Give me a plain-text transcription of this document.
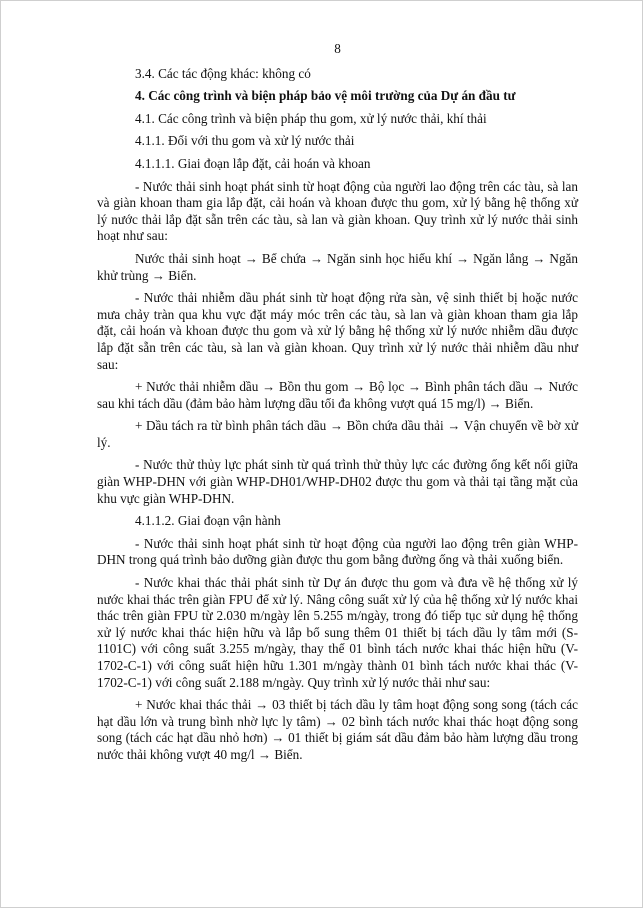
8

3.4. Các tác động khác: không có

4. Các công trình và biện pháp bảo vệ môi trường của Dự án đầu tư

4.1. Các công trình và biện pháp thu gom, xử lý nước thải, khí thải

4.1.1. Đối với thu gom và xử lý nước thải

4.1.1.1. Giai đoạn lắp đặt, cải hoán và khoan

- Nước thải sinh hoạt phát sinh từ hoạt động của người lao động trên các tàu, sà lan và giàn khoan tham gia lắp đặt, cải hoán và khoan được thu gom, xử lý bằng hệ thống xử lý nước thải lắp đặt sẵn trên các tàu, sà lan và giàn khoan. Quy trình xử lý nước thải sinh hoạt như sau:

Nước thải sinh hoạt → Bể chứa → Ngăn sinh học hiếu khí → Ngăn lắng → Ngăn khử trùng → Biển.

- Nước thải nhiễm dầu phát sinh từ hoạt động rửa sàn, vệ sinh thiết bị hoặc nước mưa chảy tràn qua khu vực đặt máy móc trên các tàu, sà lan và giàn khoan tham gia lắp đặt, cải hoán và khoan được thu gom và xử lý bằng hệ thống xử lý nước nhiễm dầu được lắp đặt sẵn trên các tàu, sà lan và giàn khoan. Quy trình xử lý nước thải nhiễm dầu như sau:

+ Nước thải nhiễm dầu → Bồn thu gom → Bộ lọc → Bình phân tách dầu → Nước sau khi tách dầu (đảm bảo hàm lượng dầu tối đa không vượt quá 15 mg/l) → Biển.

+ Dầu tách ra từ bình phân tách dầu → Bồn chứa dầu thải → Vận chuyển về bờ xử lý.

- Nước thử thủy lực phát sinh từ quá trình thử thủy lực các đường ống kết nối giữa giàn WHP-DHN với giàn WHP-DH01/WHP-DH02 được thu gom và thải tại tầng mặt của khu vực giàn WHP-DHN.

4.1.1.2. Giai đoạn vận hành

- Nước thải sinh hoạt phát sinh từ hoạt động của người lao động trên giàn WHP-DHN trong quá trình bảo dưỡng giàn được thu gom bằng đường ống và thải xuống biển.

- Nước khai thác thải phát sinh từ Dự án được thu gom và đưa về hệ thống xử lý nước khai thác trên giàn FPU để xử lý. Nâng công suất xử lý của hệ thống xử lý nước khai thác trên giàn FPU từ 2.030 m/ngày lên 5.255 m/ngày, trong đó tiếp tục sử dụng hệ thống xử lý nước khai thác hiện hữu và lắp bổ sung thêm 01 thiết bị tách dầu ly tâm mới (S-1101C) với công suất 3.255 m/ngày, thay thế 01 bình tách nước khai thác hiện hữu (V-1702-C-1) với công suất hiện hữu 1.301 m/ngày thành 01 bình tách nước khai thác (V-1702-C-1) với công suất 2.188 m/ngày. Quy trình xử lý nước thải như sau:

+ Nước khai thác thải → 03 thiết bị tách dầu ly tâm hoạt động song song (tách các hạt dầu lớn và trung bình nhờ lực ly tâm) → 02 bình tách nước khai thác hoạt động song song (tách các hạt dầu nhỏ hơn) → 01 thiết bị giám sát dầu đảm bảo hàm lượng dầu trong nước thải không vượt 40 mg/l → Biển.
